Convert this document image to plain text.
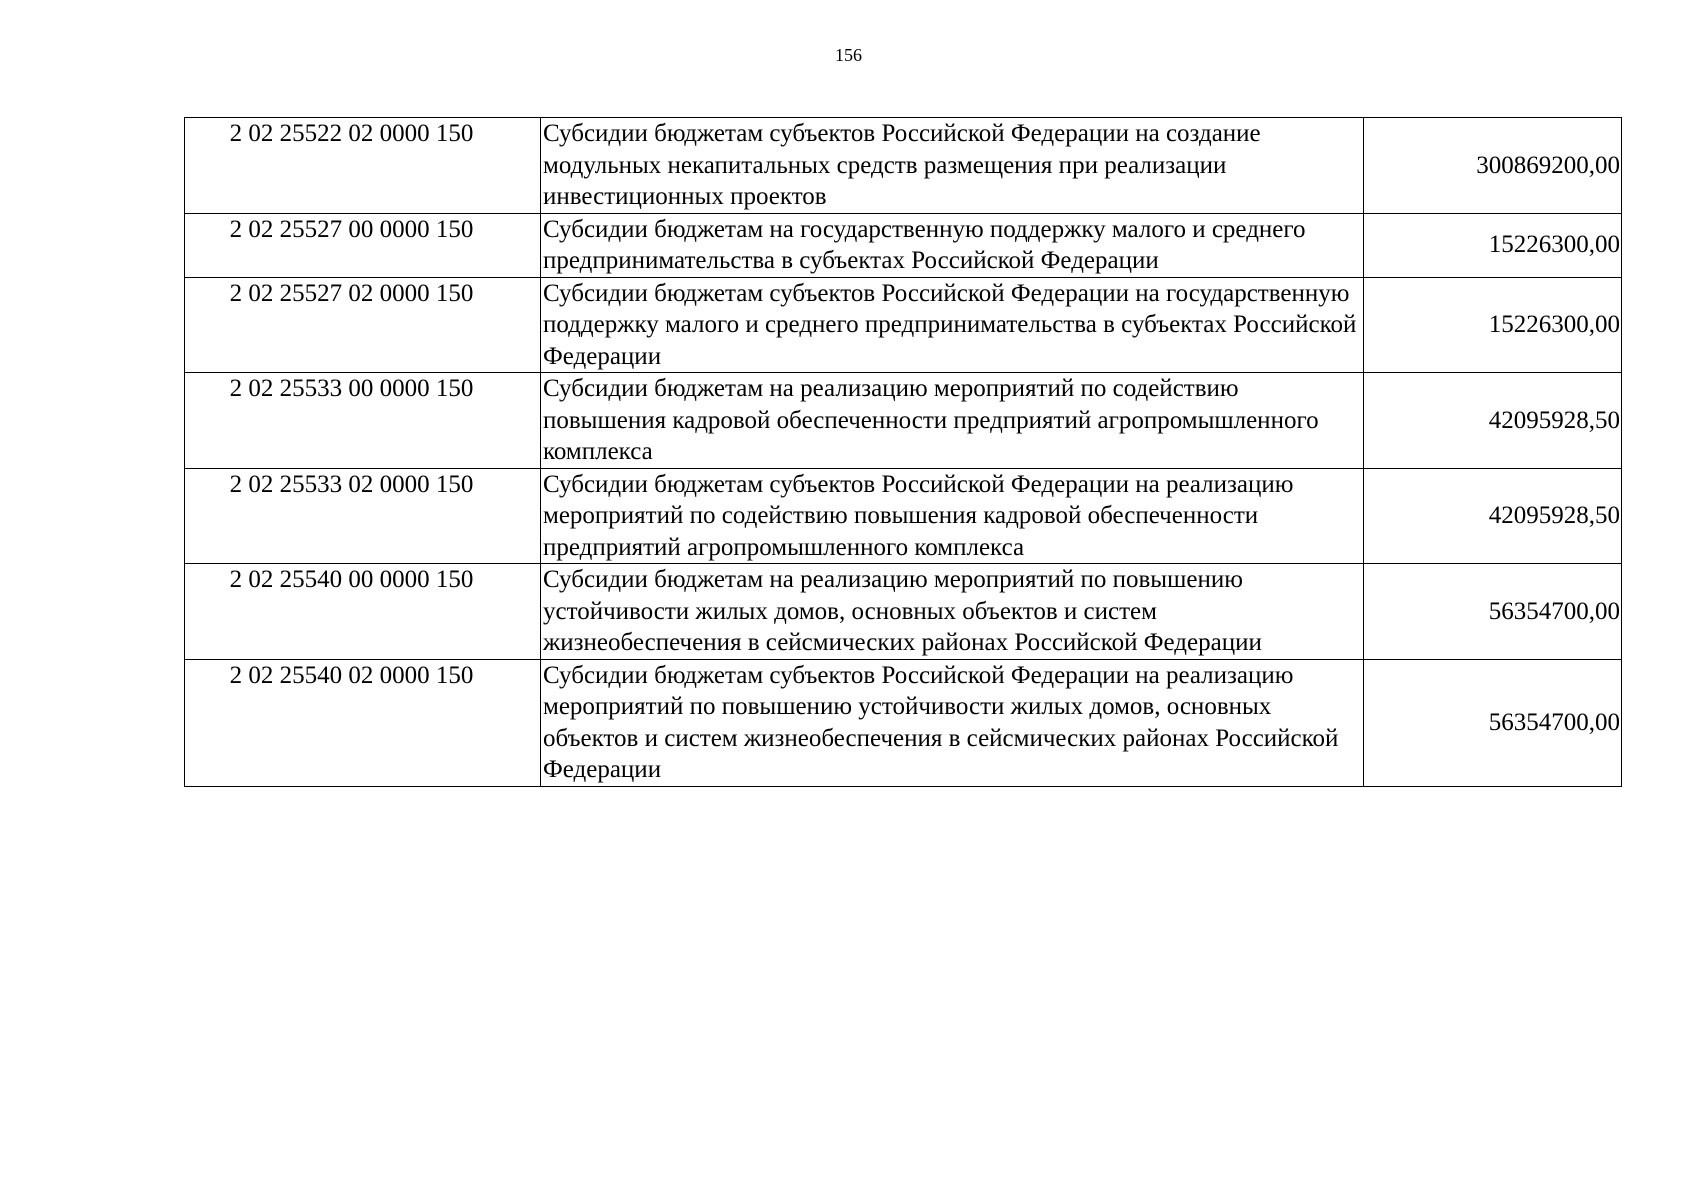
156
2 02 25522 02 0000 150	Субсидии бюджетам субъектов Российской Федерации на создание модульных некапитальных средств размещения при реализации инвестиционных проектов	300869200,00
2 02 25527 00 0000 150	Субсидии бюджетам на государственную поддержку малого и среднего предпринимательства в субъектах Российской Федерации	15226300,00
2 02 25527 02 0000 150	Субсидии бюджетам субъектов Российской Федерации на государственную поддержку малого и среднего предпринимательства в субъектах Российской Федерации	15226300,00
2 02 25533 00 0000 150	Субсидии бюджетам на реализацию мероприятий по содействию повышения кадровой обеспеченности предприятий агропромышленного комплекса	42095928,50
2 02 25533 02 0000 150	Субсидии бюджетам субъектов Российской Федерации на реализацию мероприятий по содействию повышения кадровой обеспеченности предприятий агропромышленного комплекса	42095928,50
2 02 25540 00 0000 150	Субсидии бюджетам на реализацию мероприятий по повышению устойчивости жилых домов, основных объектов и систем жизнеобеспечения в сейсмических районах Российской Федерации	56354700,00
2 02 25540 02 0000 150	Субсидии бюджетам субъектов Российской Федерации на реализацию мероприятий по повышению устойчивости жилых домов, основных объектов и систем жизнеобеспечения в сейсмических районах Российской Федерации	56354700,00
